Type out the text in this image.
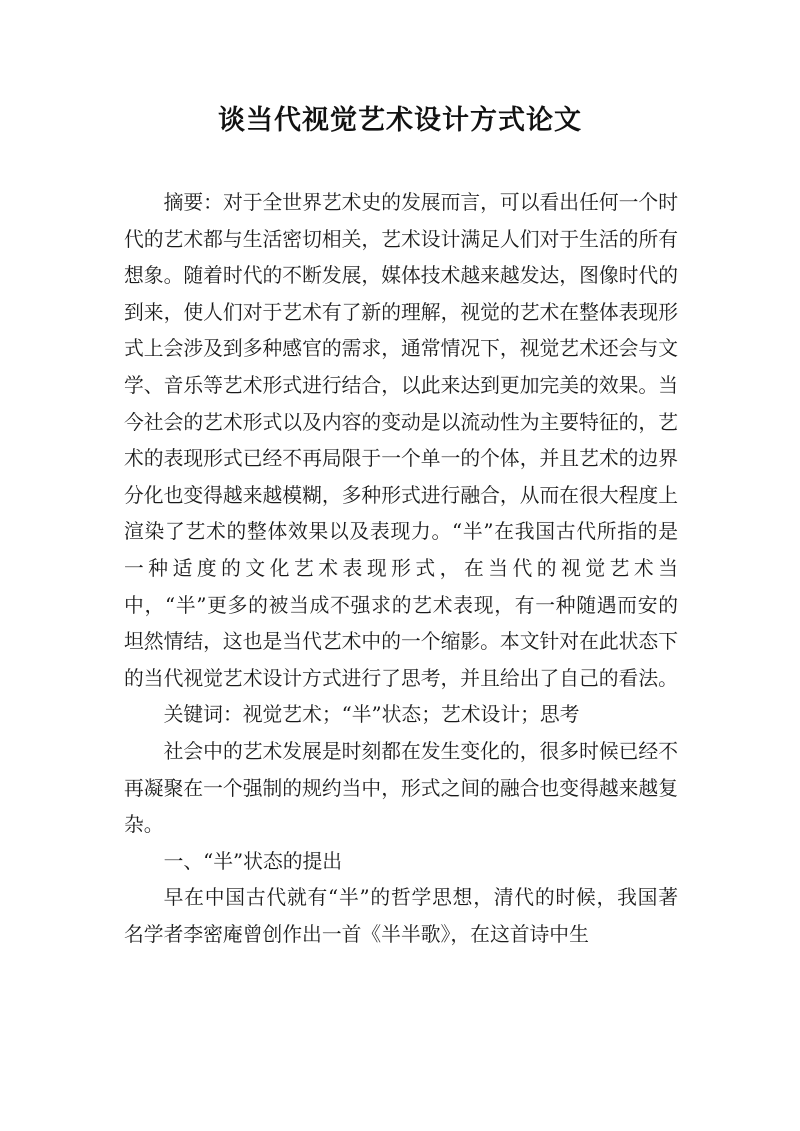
谈当代视觉艺术设计方式论文

摘要：对于全世界艺术史的发展而言，可以看出任何一个时代的艺术都与生活密切相关，艺术设计满足人们对于生活的所有想象。随着时代的不断发展，媒体技术越来越发达，图像时代的到来，使人们对于艺术有了新的理解，视觉的艺术在整体表现形式上会涉及到多种感官的需求，通常情况下，视觉艺术还会与文学、音乐等艺术形式进行结合，以此来达到更加完美的效果。当今社会的艺术形式以及内容的变动是以流动性为主要特征的，艺术的表现形式已经不再局限于一个单一的个体，并且艺术的边界分化也变得越来越模糊，多种形式进行融合，从而在很大程度上渲染了艺术的整体效果以及表现力。“半”在我国古代所指的是一种适度的文化艺术表现形式，在当代的视觉艺术当中，“半”更多的被当成不强求的艺术表现，有一种随遇而安的坦然情结，这也是当代艺术中的一个缩影。本文针对在此状态下的当代视觉艺术设计方式进行了思考，并且给出了自己的看法。

关键词：视觉艺术；“半”状态；艺术设计；思考

社会中的艺术发展是时刻都在发生变化的，很多时候已经不再凝聚在一个强制的规约当中，形式之间的融合也变得越来越复杂。

一、“半”状态的提出

早在中国古代就有“半”的哲学思想，清代的时候，我国著名学者李密庵曾创作出一首《半半歌》，在这首诗中生
